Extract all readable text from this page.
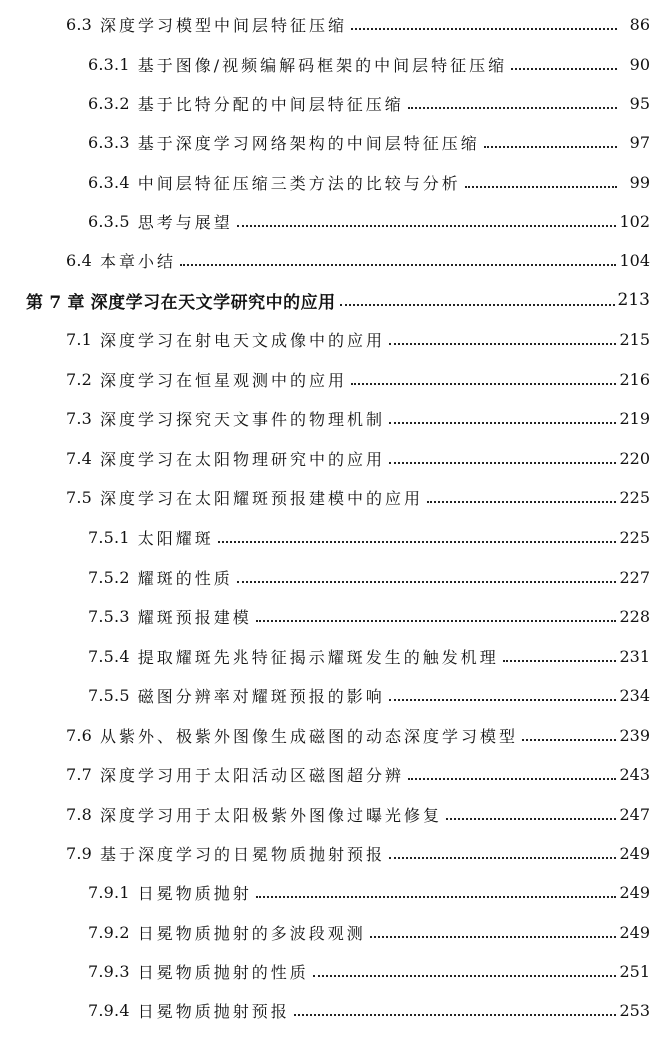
6.3 深度学习模型中间层特征压缩	86
6.3.1 基于图像/视频编解码框架的中间层特征压缩	90
6.3.2 基于比特分配的中间层特征压缩	95
6.3.3 基于深度学习网络架构的中间层特征压缩	97
6.3.4 中间层特征压缩三类方法的比较与分析	99
6.3.5 思考与展望	102
6.4 本章小结	104
第 7 章 深度学习在天文学研究中的应用	213
7.1 深度学习在射电天文成像中的应用	215
7.2 深度学习在恒星观测中的应用	216
7.3 深度学习探究天文事件的物理机制	219
7.4 深度学习在太阳物理研究中的应用	220
7.5 深度学习在太阳耀斑预报建模中的应用	225
7.5.1 太阳耀斑	225
7.5.2 耀斑的性质	227
7.5.3 耀斑预报建模	228
7.5.4 提取耀斑先兆特征揭示耀斑发生的触发机理	231
7.5.5 磁图分辨率对耀斑预报的影响	234
7.6 从紫外、极紫外图像生成磁图的动态深度学习模型	239
7.7 深度学习用于太阳活动区磁图超分辨	243
7.8 深度学习用于太阳极紫外图像过曝光修复	247
7.9 基于深度学习的日冕物质抛射预报	249
7.9.1 日冕物质抛射	249
7.9.2 日冕物质抛射的多波段观测	249
7.9.3 日冕物质抛射的性质	251
7.9.4 日冕物质抛射预报	253
